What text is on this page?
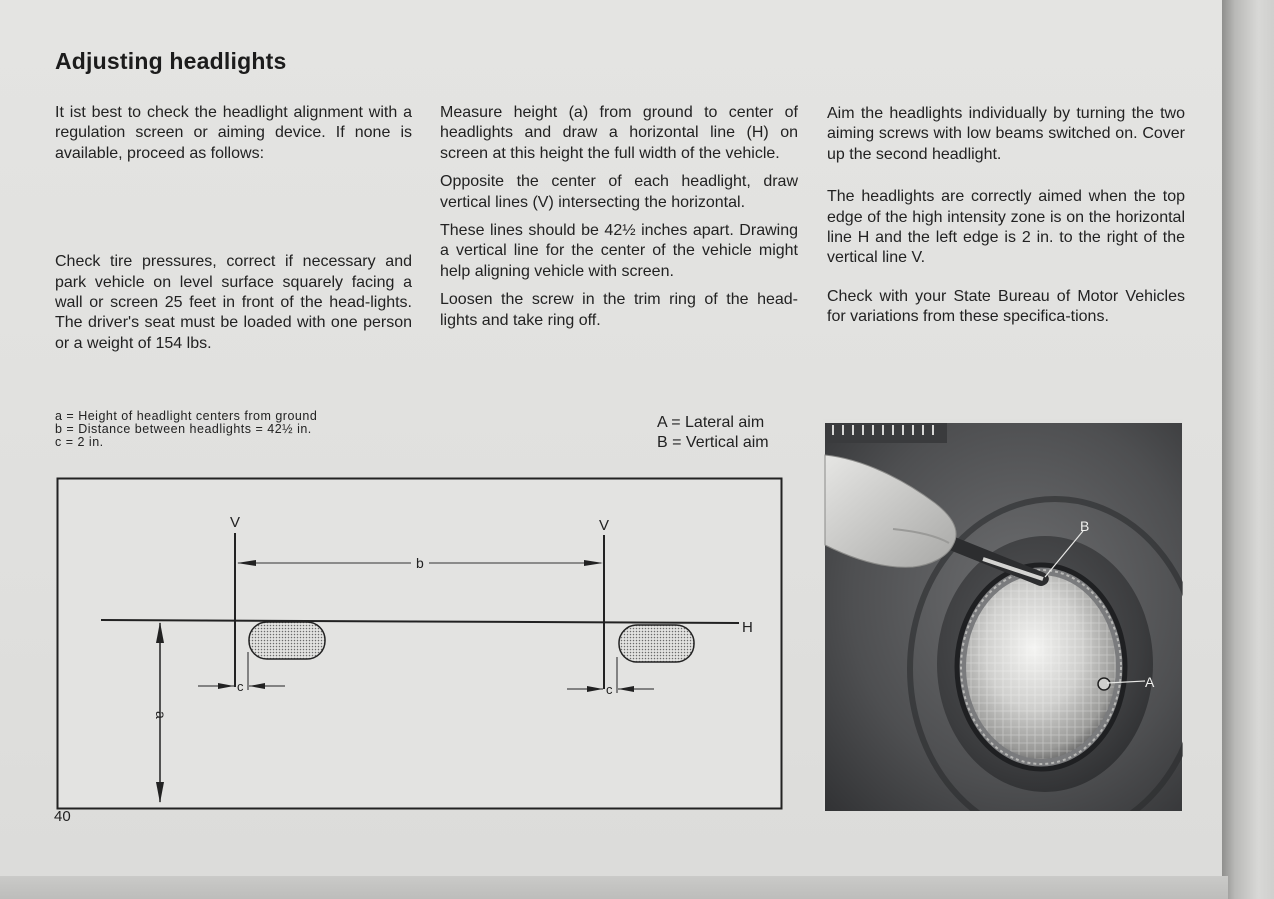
Adjusting headlights

It ist best to check the headlight alignment with a regulation screen or aiming device. If none is available, proceed as follows:

Check tire pressures, correct if necessary and park vehicle on level surface squarely facing a wall or screen 25 feet in front of the head-lights. The driver's seat must be loaded with one person or a weight of 154 lbs.

Measure height (a) from ground to center of headlights and draw a horizontal line (H) on screen at this height the full width of the vehicle.

Opposite the center of each headlight, draw vertical lines (V) intersecting the horizontal.

These lines should be 42½ inches apart. Drawing a vertical line for the center of the vehicle might help aligning vehicle with screen.

Loosen the screw in the trim ring of the head-lights and take ring off.

Aim the headlights individually by turning the two aiming screws with low beams switched on. Cover up the second headlight.

The headlights are correctly aimed when the top edge of the high intensity zone is on the horizontal line H and the left edge is 2 in. to the right of the vertical line V.

Check with your State Bureau of Motor Vehicles for variations from these specifica-tions.

a = Height of headlight centers from ground
b = Distance between headlights = 42½ in.
c = 2 in.
A = Lateral aim
B = Vertical aim
H
V	V
b
c	c
a
B
A
40
